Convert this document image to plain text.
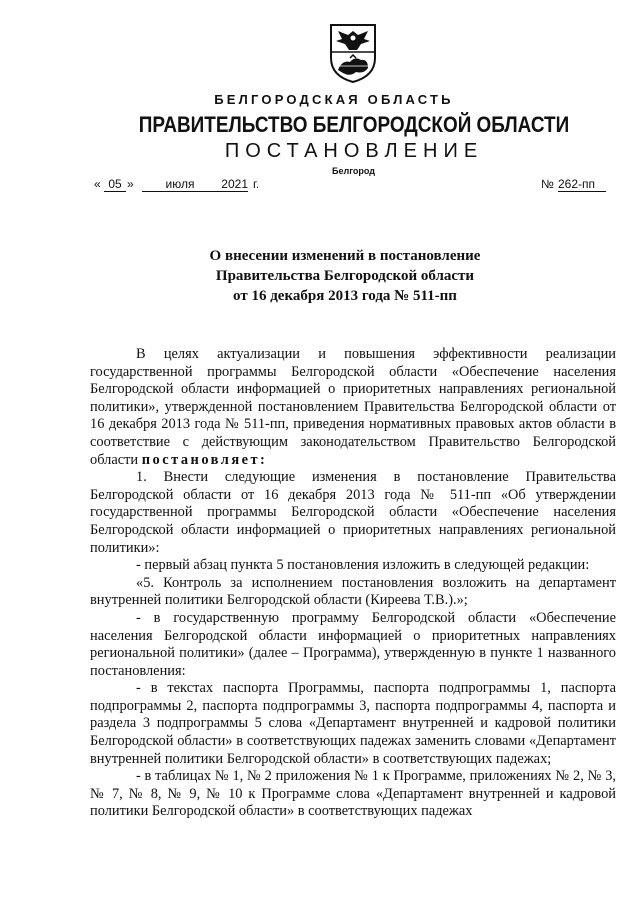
БЕЛГОРОДСКАЯ ОБЛАСТЬ
ПРАВИТЕЛЬСТВО БЕЛГОРОДСКОЙ ОБЛАСТИ
ПОСТАНОВЛЕНИЕ
Белгород
« 05 »	июля	2021 г.	№ 262-пп
О внесении изменений в постановление
Правительства Белгородской области
от 16 декабря 2013 года № 511-пп

В целях актуализации и повышения эффективности реализации государственной программы Белгородской области «Обеспечение населения Белгородской области информацией о приоритетных направлениях региональной политики», утвержденной постановлением Правительства Белгородской области от 16 декабря 2013 года № 511-пп, приведения нормативных правовых актов области в соответствие с действующим законодательством Правительство Белгородской области постановляет:

1. Внести следующие изменения в постановление Правительства Белгородской области от 16 декабря 2013 года № 511-пп «Об утверждении государственной программы Белгородской области «Обеспечение населения Белгородской области информацией о приоритетных направлениях региональной политики»:

- первый абзац пункта 5 постановления изложить в следующей редакции:

«5. Контроль за исполнением постановления возложить на департамент внутренней политики Белгородской области (Киреева Т.В.).»;

- в государственную программу Белгородской области «Обеспечение населения Белгородской области информацией о приоритетных направлениях региональной политики» (далее – Программа), утвержденную в пункте 1 названного постановления:

- в текстах паспорта Программы, паспорта подпрограммы 1, паспорта подпрограммы 2, паспорта подпрограммы 3, паспорта подпрограммы 4, паспорта и раздела 3 подпрограммы 5 слова «Департамент внутренней и кадровой политики Белгородской области» в соответствующих падежах заменить словами «Департамент внутренней политики Белгородской области» в соответствующих падежах;

- в таблицах № 1, № 2 приложения № 1 к Программе, приложениях № 2, № 3, № 7, № 8, № 9, № 10 к Программе слова «Департамент внутренней и кадровой политики Белгородской области» в соответствующих падежах
